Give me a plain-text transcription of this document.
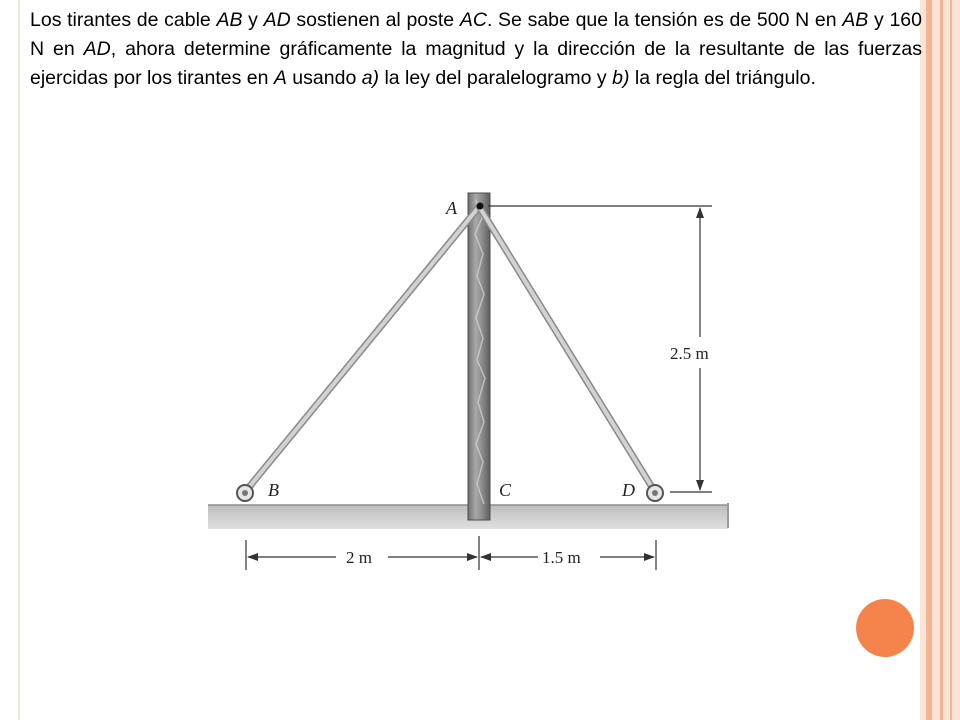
Los tirantes de cable AB y AD sostienen al poste AC. Se sabe que la tensión es de 500 N en AB y 160 N en AD, ahora determine gráficamente la magnitud y la dirección de la resultante de las fuerzas ejercidas por los tirantes en A usando a) la ley del paralelogramo y b) la regla del triángulo.

A
B	C	D
2.5 m
2 m	1.5 m
